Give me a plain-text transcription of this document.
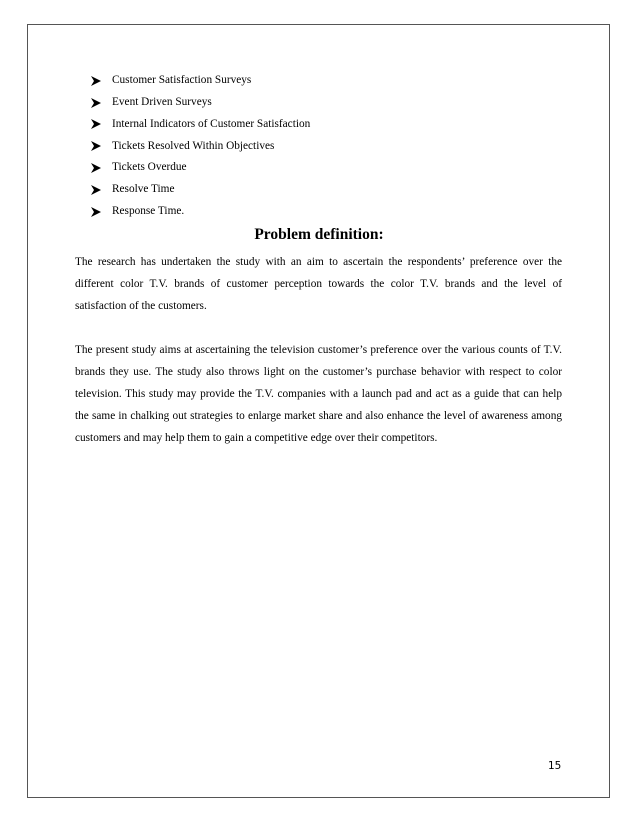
Customer Satisfaction Surveys
Event Driven Surveys
Internal Indicators of Customer Satisfaction
Tickets Resolved Within Objectives
Tickets Overdue
Resolve Time
Response Time.
Problem definition:

The research has undertaken the study with an aim to ascertain the respondents’ preference over the different color T.V. brands of customer perception towards the color T.V. brands and the level of satisfaction of the customers.

The present study aims at ascertaining the television customer’s preference over the various counts of T.V. brands they use. The study also throws light on the customer’s purchase behavior with respect to color television. This study may provide the T.V. companies with a launch pad and act as a guide that can help the same in chalking out strategies to enlarge market share and also enhance the level of awareness among customers and may help them to gain a competitive edge over their competitors.

15
